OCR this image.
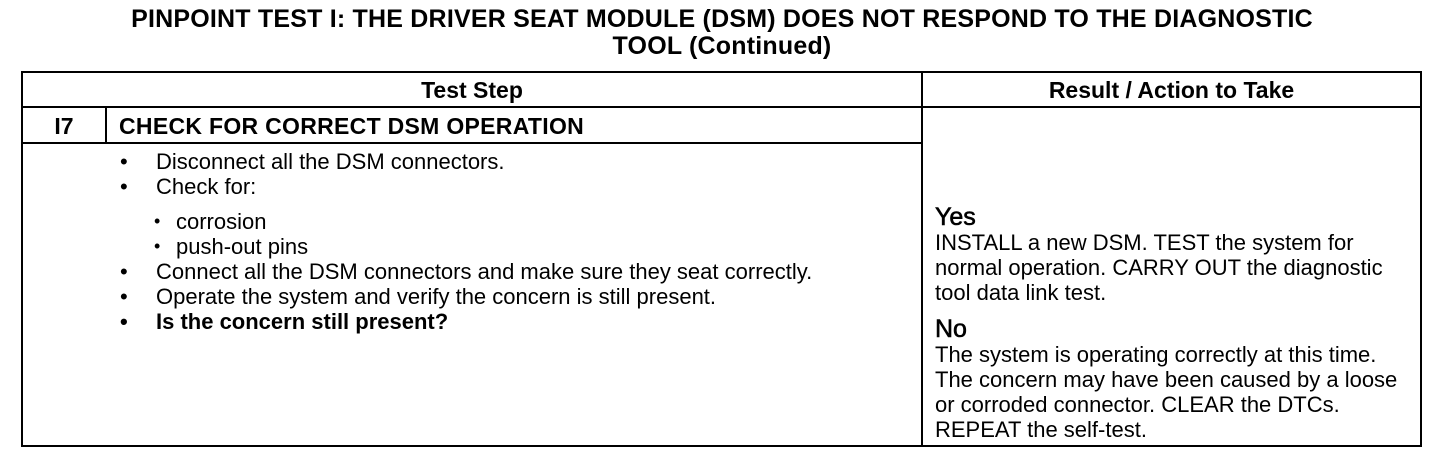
PINPOINT TEST I: THE DRIVER SEAT MODULE (DSM) DOES NOT RESPOND TO THE DIAGNOSTIC
TOOL (Continued)
Test Step	Result / Action to Take
I7	CHECK FOR CORRECT DSM OPERATION
• Disconnect all the DSM connectors.
• Check for:
• corrosion
• push-out pins
• Connect all the DSM connectors and make sure they seat correctly.
• Operate the system and verify the concern is still present.
• Is the concern still present?
Yes

INSTALL a new DSM. TEST the system for normal operation. CARRY OUT the diagnostic tool data link test.

No

The system is operating correctly at this time. The concern may have been caused by a loose or corroded connector. CLEAR the DTCs. REPEAT the self-test.
